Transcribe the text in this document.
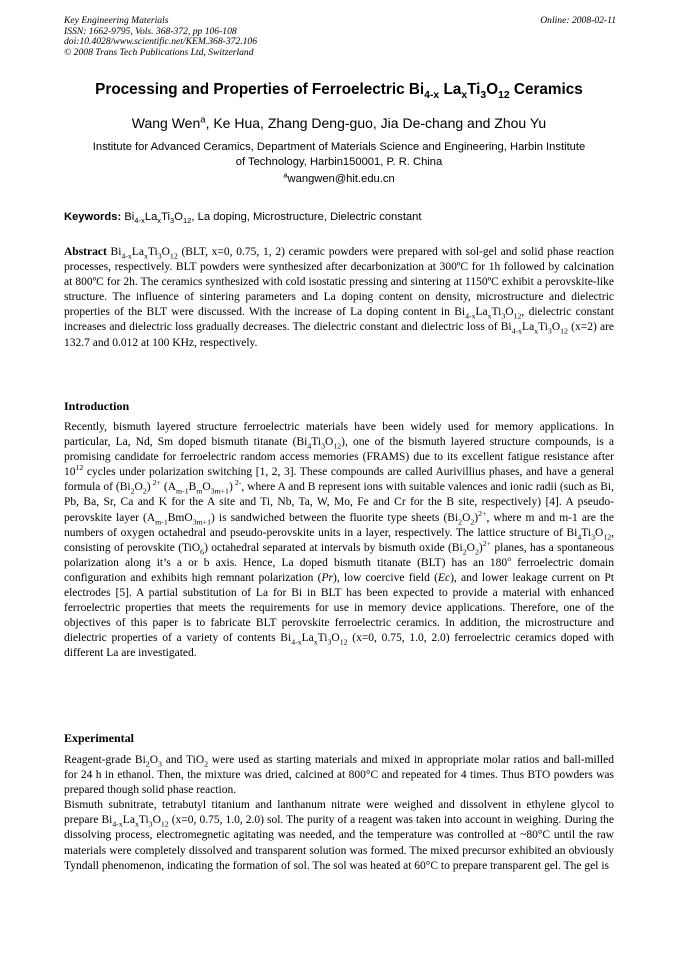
Key Engineering Materials
ISSN: 1662-9795, Vols. 368-372, pp 106-108
doi:10.4028/www.scientific.net/KEM.368-372.106
© 2008 Trans Tech Publications Ltd, Switzerland
Online: 2008-02-11
Processing and Properties of Ferroelectric $Bi_{4-x}$ $La_xTi_3O_{12}$ Ceramics
Wang Wen$^a$, Ke Hua, Zhang Deng-guo, Jia De-chang and Zhou Yu
Institute for Advanced Ceramics, Department of Materials Science and Engineering, Harbin Institute
of Technology, Harbin150001, P. R. China
$^a$wangwen@hit.edu.cn
Keywords: $Bi_{4-x}La_xTi_3O_{12}$, La doping, Microstructure, Dielectric constant

Abstract $Bi_{4-x}La_xTi_3O_{12}$ (BLT, x=0, 0.75, 1, 2) ceramic powders were prepared with sol-gel and solid phase reaction processes, respectively. BLT powders were synthesized after decarbonization at 300ºC for 1h followed by calcination at 800ºC for 2h. The ceramics synthesized with cold isostatic pressing and sintering at 1150ºC exhibit a perovskite-like structure. The influence of sintering parameters and La doping content on density, microstructure and dielectric properties of the BLT were discussed. With the increase of La doping content in $Bi_{4-x}La_xTi_3O_{12}$, dielectric constant increases and dielectric loss gradually decreases. The dielectric constant and dielectric loss of $Bi_{4-x}La_xTi_3O_{12}$ (x=2) are 132.7 and 0.012 at 100 KHz, respectively.

Introduction

Recently, bismuth layered structure ferroelectric materials have been widely used for memory applications. In particular, La, Nd, Sm doped bismuth titanate $(Bi_4Ti_3O_{12})$, one of the bismuth layered structure compounds, is a promising candidate for ferroelectric random access memories (FRAMS) due to its excellent fatigue resistance after $10^{12}$ cycles under polarization switching [1, 2, 3]. These compounds are called Aurivillius phases, and have a general formula of $(Bi_2O_2)$ $^{2+}$ $(A_{m-1}B_mO_{3m+1})$ $^{2-}$, where A and B represent ions with suitable valences and ionic radii (such as Bi, Pb, Ba, Sr, Ca and K for the A site and Ti, Nb, Ta, W, Mo, Fe and Cr for the B site, respectively) [4]. A pseudo-perovskite layer $(A_{m-1}BmO_{3m+1})$ is sandwiched between the fluorite type sheets $(Bi_2O_2)^{2+}$, where m and m-1 are the numbers of oxygen octahedral and pseudo-perovskite units in a layer, respectively. The lattice structure of $Bi_4Ti_3O_{12}$, consisting of perovskite (TiO$_6$) octahedral separated at intervals by bismuth oxide $(Bi_2O_2)^{2+}$ planes, has a spontaneous polarization along it’s a or b axis. Hence, La doped bismuth titanate (BLT) has an 180$^o$ ferroelectric domain configuration and exhibits high remnant polarization (Pr), low coercive field (Ec), and lower leakage current on Pt electrodes [5]. A partial substitution of La for Bi in BLT has been expected to provide a material with enhanced ferroelectric properties that meets the requirements for use in memory device applications. Therefore, one of the objectives of this paper is to fabricate BLT perovskite ferroelectric ceramics. In addition, the microstructure and dielectric properties of a variety of contents $Bi_{4-x}La_xTi_3O_{12}$ (x=0, 0.75, 1.0, 2.0) ferroelectric ceramics doped with different La are investigated.

Experimental

Reagent-grade $Bi_2O_3$ and TiO$_2$ were used as starting materials and mixed in appropriate molar ratios and ball-milled for 24 h in ethanol. Then, the mixture was dried, calcined at 800°C and repeated for 4 times. Thus BTO powders was prepared though solid phase reaction.

Bismuth subnitrate, tetrabutyl titanium and lanthanum nitrate were weighed and dissolvent in ethylene glycol to prepare $Bi_{4-x}La_xTi_3O_{12}$ (x=0, 0.75, 1.0, 2.0) sol. The purity of a reagent was taken into account in weighing. During the dissolving process, electromegnetic agitating was needed, and the temperature was controlled at ~80°C until the raw materials were completely dissolved and transparent solution was formed. The mixed precursor exhibited an obviously Tyndall phenomenon, indicating the formation of sol. The sol was heated at 60°C to prepare transparent gel. The gel is
